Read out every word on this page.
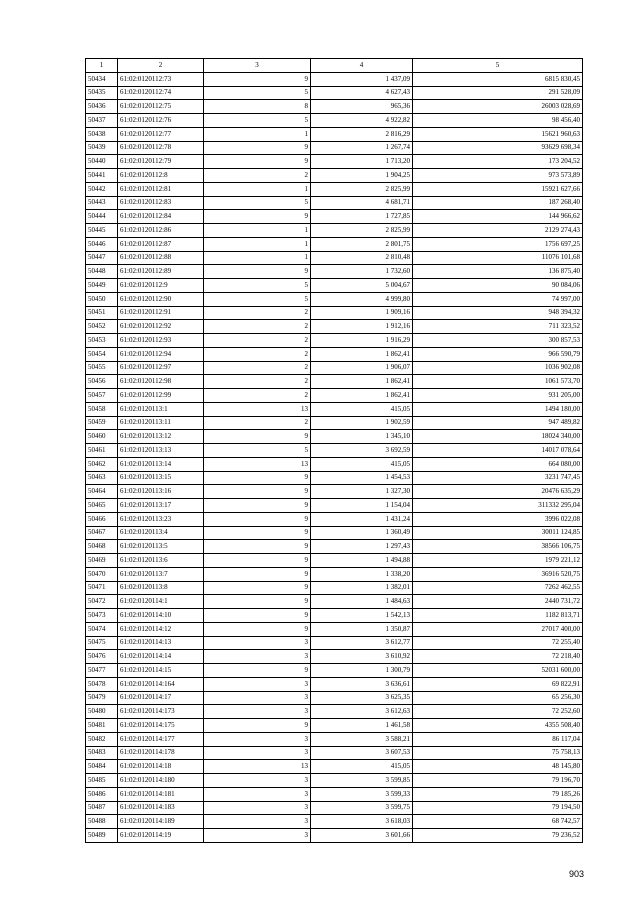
1	2	3	4	5
50434	61:02:0120112:73	9	1 437,09	6815 830,45
50435	61:02:0120112:74	5	4 627,43	291 528,09
50436	61:02:0120112:75	8	965,36	26003 028,69
50437	61:02:0120112:76	5	4 922,82	98 456,40
50438	61:02:0120112:77	1	2 816,29	15621 960,63
50439	61:02:0120112:78	9	1 267,74	93629 698,34
50440	61:02:0120112:79	9	1 713,20	173 204,52
50441	61:02:0120112:8	2	1 904,25	973 573,89
50442	61:02:0120112:81	1	2 825,99	15921 627,66
50443	61:02:0120112:83	5	4 681,71	187 268,40
50444	61:02:0120112:84	9	1 727,85	144 966,62
50445	61:02:0120112:86	1	2 825,99	2129 274,43
50446	61:02:0120112:87	1	2 801,75	1756 697,25
50447	61:02:0120112:88	1	2 810,48	11076 101,68
50448	61:02:0120112:89	9	1 732,60	136 875,40
50449	61:02:0120112:9	5	5 004,67	90 084,06
50450	61:02:0120112:90	5	4 999,80	74 997,00
50451	61:02:0120112:91	2	1 909,16	948 394,32
50452	61:02:0120112:92	2	1 912,16	711 323,52
50453	61:02:0120112:93	2	1 916,29	300 857,53
50454	61:02:0120112:94	2	1 862,41	966 590,79
50455	61:02:0120112:97	2	1 906,07	1036 902,08
50456	61:02:0120112:98	2	1 862,41	1061 573,70
50457	61:02:0120112:99	2	1 862,41	931 205,00
50458	61:02:0120113:1	13	415,05	1494 180,00
50459	61:02:0120113:11	2	1 902,59	947 489,82
50460	61:02:0120113:12	9	1 345,10	18024 340,00
50461	61:02:0120113:13	5	3 692,59	14017 078,64
50462	61:02:0120113:14	13	415,05	664 080,00
50463	61:02:0120113:15	9	1 454,53	3231 747,45
50464	61:02:0120113:16	9	1 327,30	20476 635,29
50465	61:02:0120113:17	9	1 154,04	311332 295,04
50466	61:02:0120113:23	9	1 431,24	3996 022,08
50467	61:02:0120113:4	9	1 360,49	30011 124,85
50468	61:02:0120113:5	9	1 297,43	38566 106,75
50469	61:02:0120113:6	9	1 494,88	1979 221,12
50470	61:02:0120113:7	9	1 338,20	36916 520,75
50471	61:02:0120113:8	9	1 382,01	7262 462,55
50472	61:02:0120114:1	9	1 484,63	2440 731,72
50473	61:02:0120114:10	9	1 542,13	1182 813,71
50474	61:02:0120114:12	9	1 350,87	27017 400,00
50475	61:02:0120114:13	3	3 612,77	72 255,40
50476	61:02:0120114:14	3	3 610,92	72 218,40
50477	61:02:0120114:15	9	1 300,79	52031 600,00
50478	61:02:0120114:164	3	3 636,61	69 822,91
50479	61:02:0120114:17	3	3 625,35	65 256,30
50480	61:02:0120114:173	3	3 612,63	72 252,60
50481	61:02:0120114:175	9	1 461,58	4355 508,40
50482	61:02:0120114:177	3	3 588,21	86 117,04
50483	61:02:0120114:178	3	3 607,53	75 758,13
50484	61:02:0120114:18	13	415,05	48 145,80
50485	61:02:0120114:180	3	3 599,85	79 196,70
50486	61:02:0120114:181	3	3 599,33	79 185,26
50487	61:02:0120114:183	3	3 599,75	79 194,50
50488	61:02:0120114:189	3	3 618,03	68 742,57
50489	61:02:0120114:19	3	3 601,66	79 236,52
903
